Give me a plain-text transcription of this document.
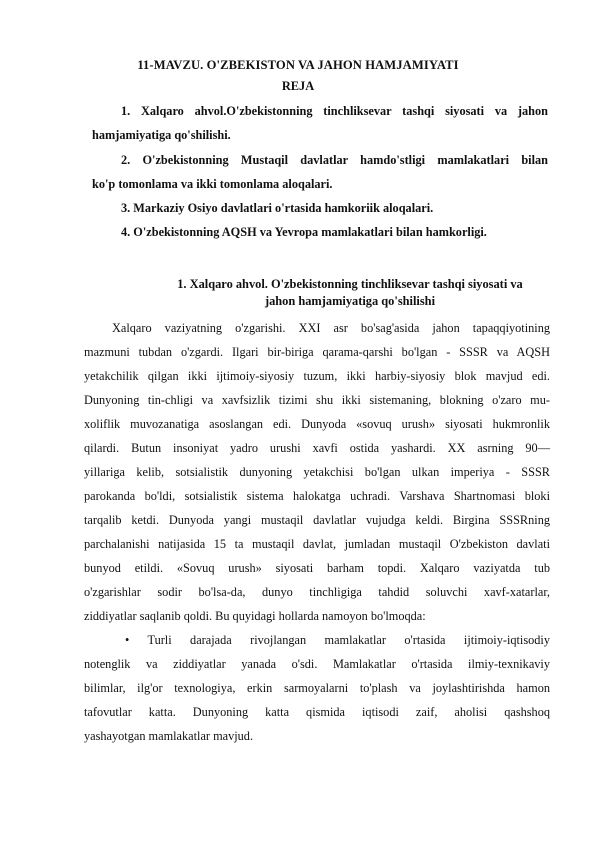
11-MAVZU. O'ZBEKISTON VA JAHON HAMJAMIYATI
REJA
1. Xalqaro ahvol.O'zbekistonning tinchliksevar tashqi siyosati va jahon
hamjamiyatiga qo'shilishi.
2. O'zbekistonning Mustaqil davlatlar hamdo'stligi mamlakatlari bilan
ko'p tomonlama va ikki tomonlama aloqalari.
3. Markaziy Osiyo davlatlari o'rtasida hamkoriik aloqalari.
4. O'zbekistonning AQSH va Yevropa mamlakatlari bilan hamkorligi.
1. Xalqaro ahvol. O'zbekistonning tinchliksevar tashqi siyosati va
jahon hamjamiyatiga qo'shilishi
Xalqaro vaziyatning o'zgarishi. XXI asr bo'sag'asida jahon tapaqqiyotining
mazmuni tubdan o'zgardi. Ilgari bir-biriga qarama-qarshi bo'lgan - SSSR va AQSH
yetakchilik qilgan ikki ijtimoiy-siyosiy tuzum, ikki harbiy-siyosiy blok mavjud edi.
Dunyoning tin-chligi va xavfsizlik tizimi shu ikki sistemaning, blokning o'zaro mu-
xoliflik muvozanatiga asoslangan edi. Dunyoda «sovuq urush» siyosati hukmronlik
qilardi. Butun insoniyat yadro urushi xavfi ostida yashardi. XX asrning 90—
yillariga kelib, sotsialistik dunyoning yetakchisi bo'lgan ulkan imperiya - SSSR
parokanda bo'ldi, sotsialistik sistema halokatga uchradi. Varshava Shartnomasi bloki
tarqalib ketdi. Dunyoda yangi mustaqil davlatlar vujudga keldi. Birgina SSSRning
parchalanishi natijasida 15 ta mustaqil davlat, jumladan mustaqil O'zbekiston davlati
bunyod etildi. «Sovuq urush» siyosati barham topdi. Xalqaro vaziyatda tub
o'zgarishlar sodir bo'lsa-da, dunyo tinchligiga tahdid soluvchi xavf-xatarlar,
ziddiyatlar saqlanib qoldi. Bu quyidagi hollarda namoyon bo'lmoqda:
• Turli darajada rivojlangan mamlakatlar o'rtasida ijtimoiy-iqtisodiy
notenglik va ziddiyatlar yanada o'sdi. Mamlakatlar o'rtasida ilmiy-texnikaviy
bilimlar, ilg'or texnologiya, erkin sarmoyalarni to'plash va joylashtirishda hamon
tafovutlar katta. Dunyoning katta qismida iqtisodi zaif, aholisi qashshoq
yashayotgan mamlakatlar mavjud.
